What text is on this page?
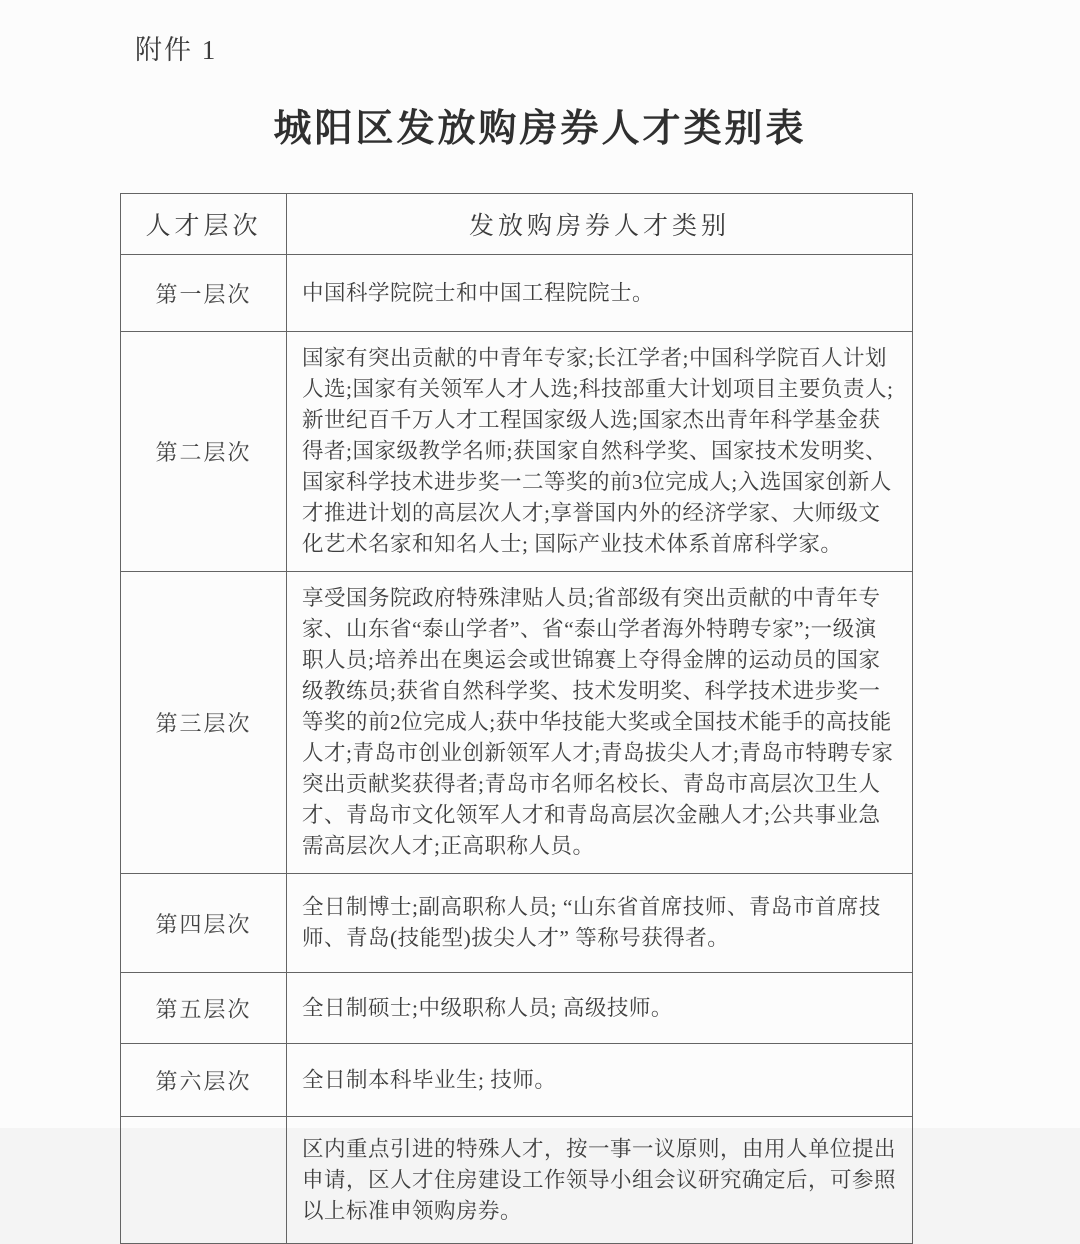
附件 1
城阳区发放购房券人才类别表
人才层次	发放购房券人才类别
第一层次	中国科学院院士和中国工程院院士。
第二层次	国家有突出贡献的中青年专家;长江学者;中国科学院百人计划人选;国家有关领军人才人选;科技部重大计划项目主要负责人;新世纪百千万人才工程国家级人选;国家杰出青年科学基金获得者;国家级教学名师;获国家自然科学奖、国家技术发明奖、国家科学技术进步奖一二等奖的前3位完成人;入选国家创新人才推进计划的高层次人才;享誉国内外的经济学家、大师级文化艺术名家和知名人士; 国际产业技术体系首席科学家。
第三层次	享受国务院政府特殊津贴人员;省部级有突出贡献的中青年专家、山东省“泰山学者”、省“泰山学者海外特聘专家”;一级演职人员;培养出在奥运会或世锦赛上夺得金牌的运动员的国家级教练员;获省自然科学奖、技术发明奖、科学技术进步奖一等奖的前2位完成人;获中华技能大奖或全国技术能手的高技能人才;青岛市创业创新领军人才;青岛拔尖人才;青岛市特聘专家突出贡献奖获得者;青岛市名师名校长、青岛市高层次卫生人才、青岛市文化领军人才和青岛高层次金融人才;公共事业急需高层次人才;正高职称人员。
第四层次	全日制博士;副高职称人员; “山东省首席技师、青岛市首席技师、青岛(技能型)拔尖人才” 等称号获得者。
第五层次	全日制硕士;中级职称人员; 高级技师。
第六层次	全日制本科毕业生; 技师。
	区内重点引进的特殊人才，按一事一议原则，由用人单位提出申请，区人才住房建设工作领导小组会议研究确定后，可参照以上标准申领购房券。
